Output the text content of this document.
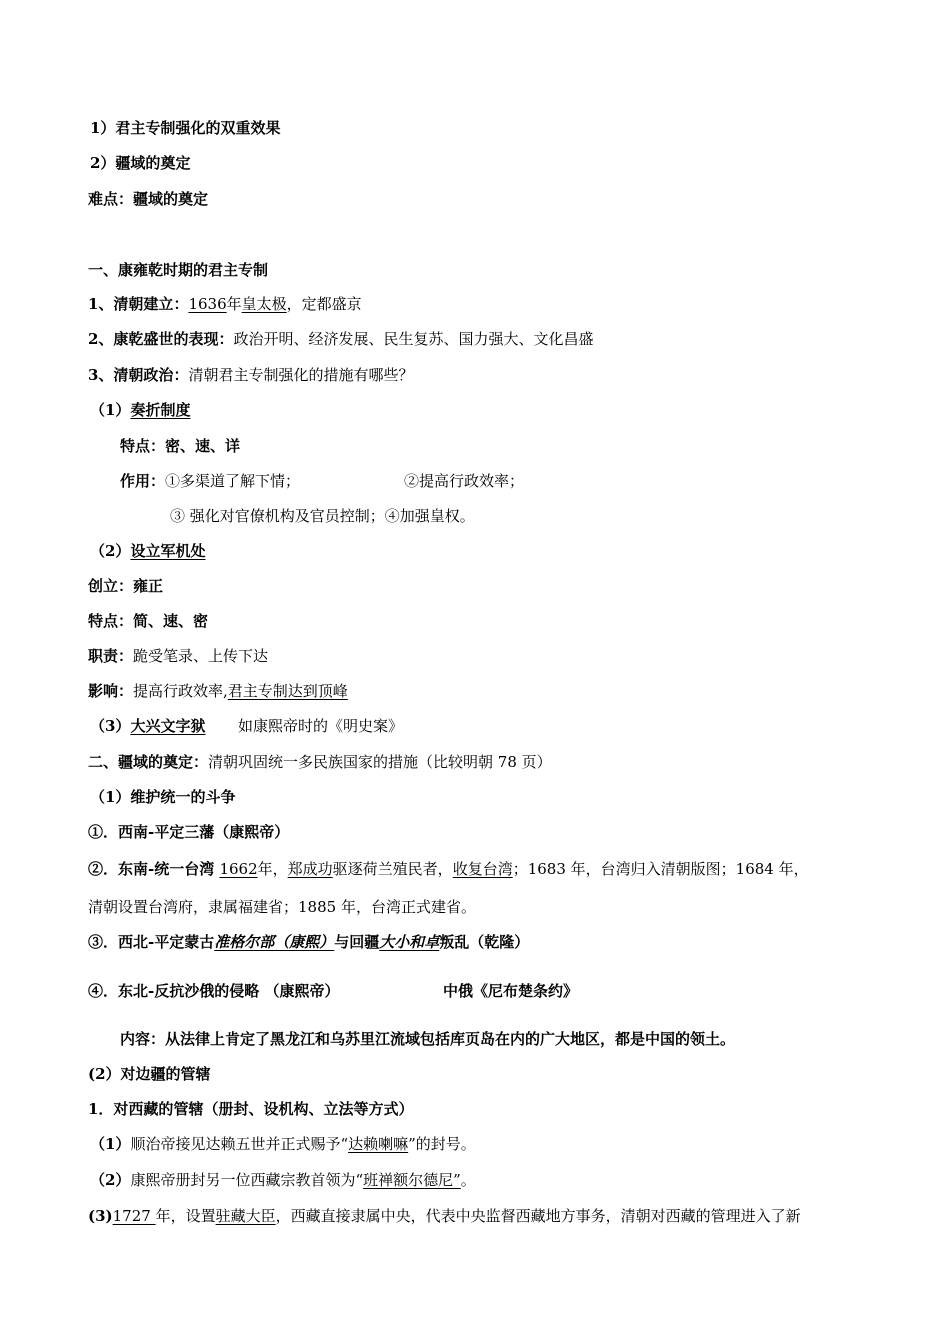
1）君主专制强化的双重效果
2）疆域的奠定
难点：疆域的奠定
一、康雍乾时期的君主专制
1、清朝建立：1636年皇太极，定都盛京
2、康乾盛世的表现：政治开明、经济发展、民生复苏、国力强大、文化昌盛
3、清朝政治：清朝君主专制强化的措施有哪些？
（1）奏折制度
特点：密、速、详
作用：①多渠道了解下情；	②提高行政效率；
③ 强化对官僚机构及官员控制；④加强皇权。
（2）设立军机处
创立：雍正
特点：简、速、密
职责：跪受笔录、上传下达
影响：提高行政效率,君主专制达到顶峰
（3）大兴文字狱 如康熙帝时的《明史案》
二、疆域的奠定：清朝巩固统一多民族国家的措施（比较明朝 78 页）
（1）维护统一的斗争
①．西南-平定三藩（康熙帝）
②．东南-统一台湾 1662年，郑成功驱逐荷兰殖民者，收复台湾；1683 年，台湾归入清朝版图；1684 年，
清朝设置台湾府，隶属福建省；1885 年，台湾正式建省。
③．西北-平定蒙古准格尔部（康熙）与回疆大小和卓叛乱（乾隆）
④．东北-反抗沙俄的侵略 （康熙帝）	中俄《尼布楚条约》
内容：从法律上肯定了黑龙江和乌苏里江流域包括库页岛在内的广大地区，都是中国的领土。
(2）对边疆的管辖
1．对西藏的管辖（册封、设机构、立法等方式）
（1）顺治帝接见达赖五世并正式赐予“达赖喇嘛”的封号。
（2）康熙帝册封另一位西藏宗教首领为“班禅额尔德尼”。
(3)1727 年，设置驻藏大臣，西藏直接隶属中央，代表中央监督西藏地方事务，清朝对西藏的管理进入了新
